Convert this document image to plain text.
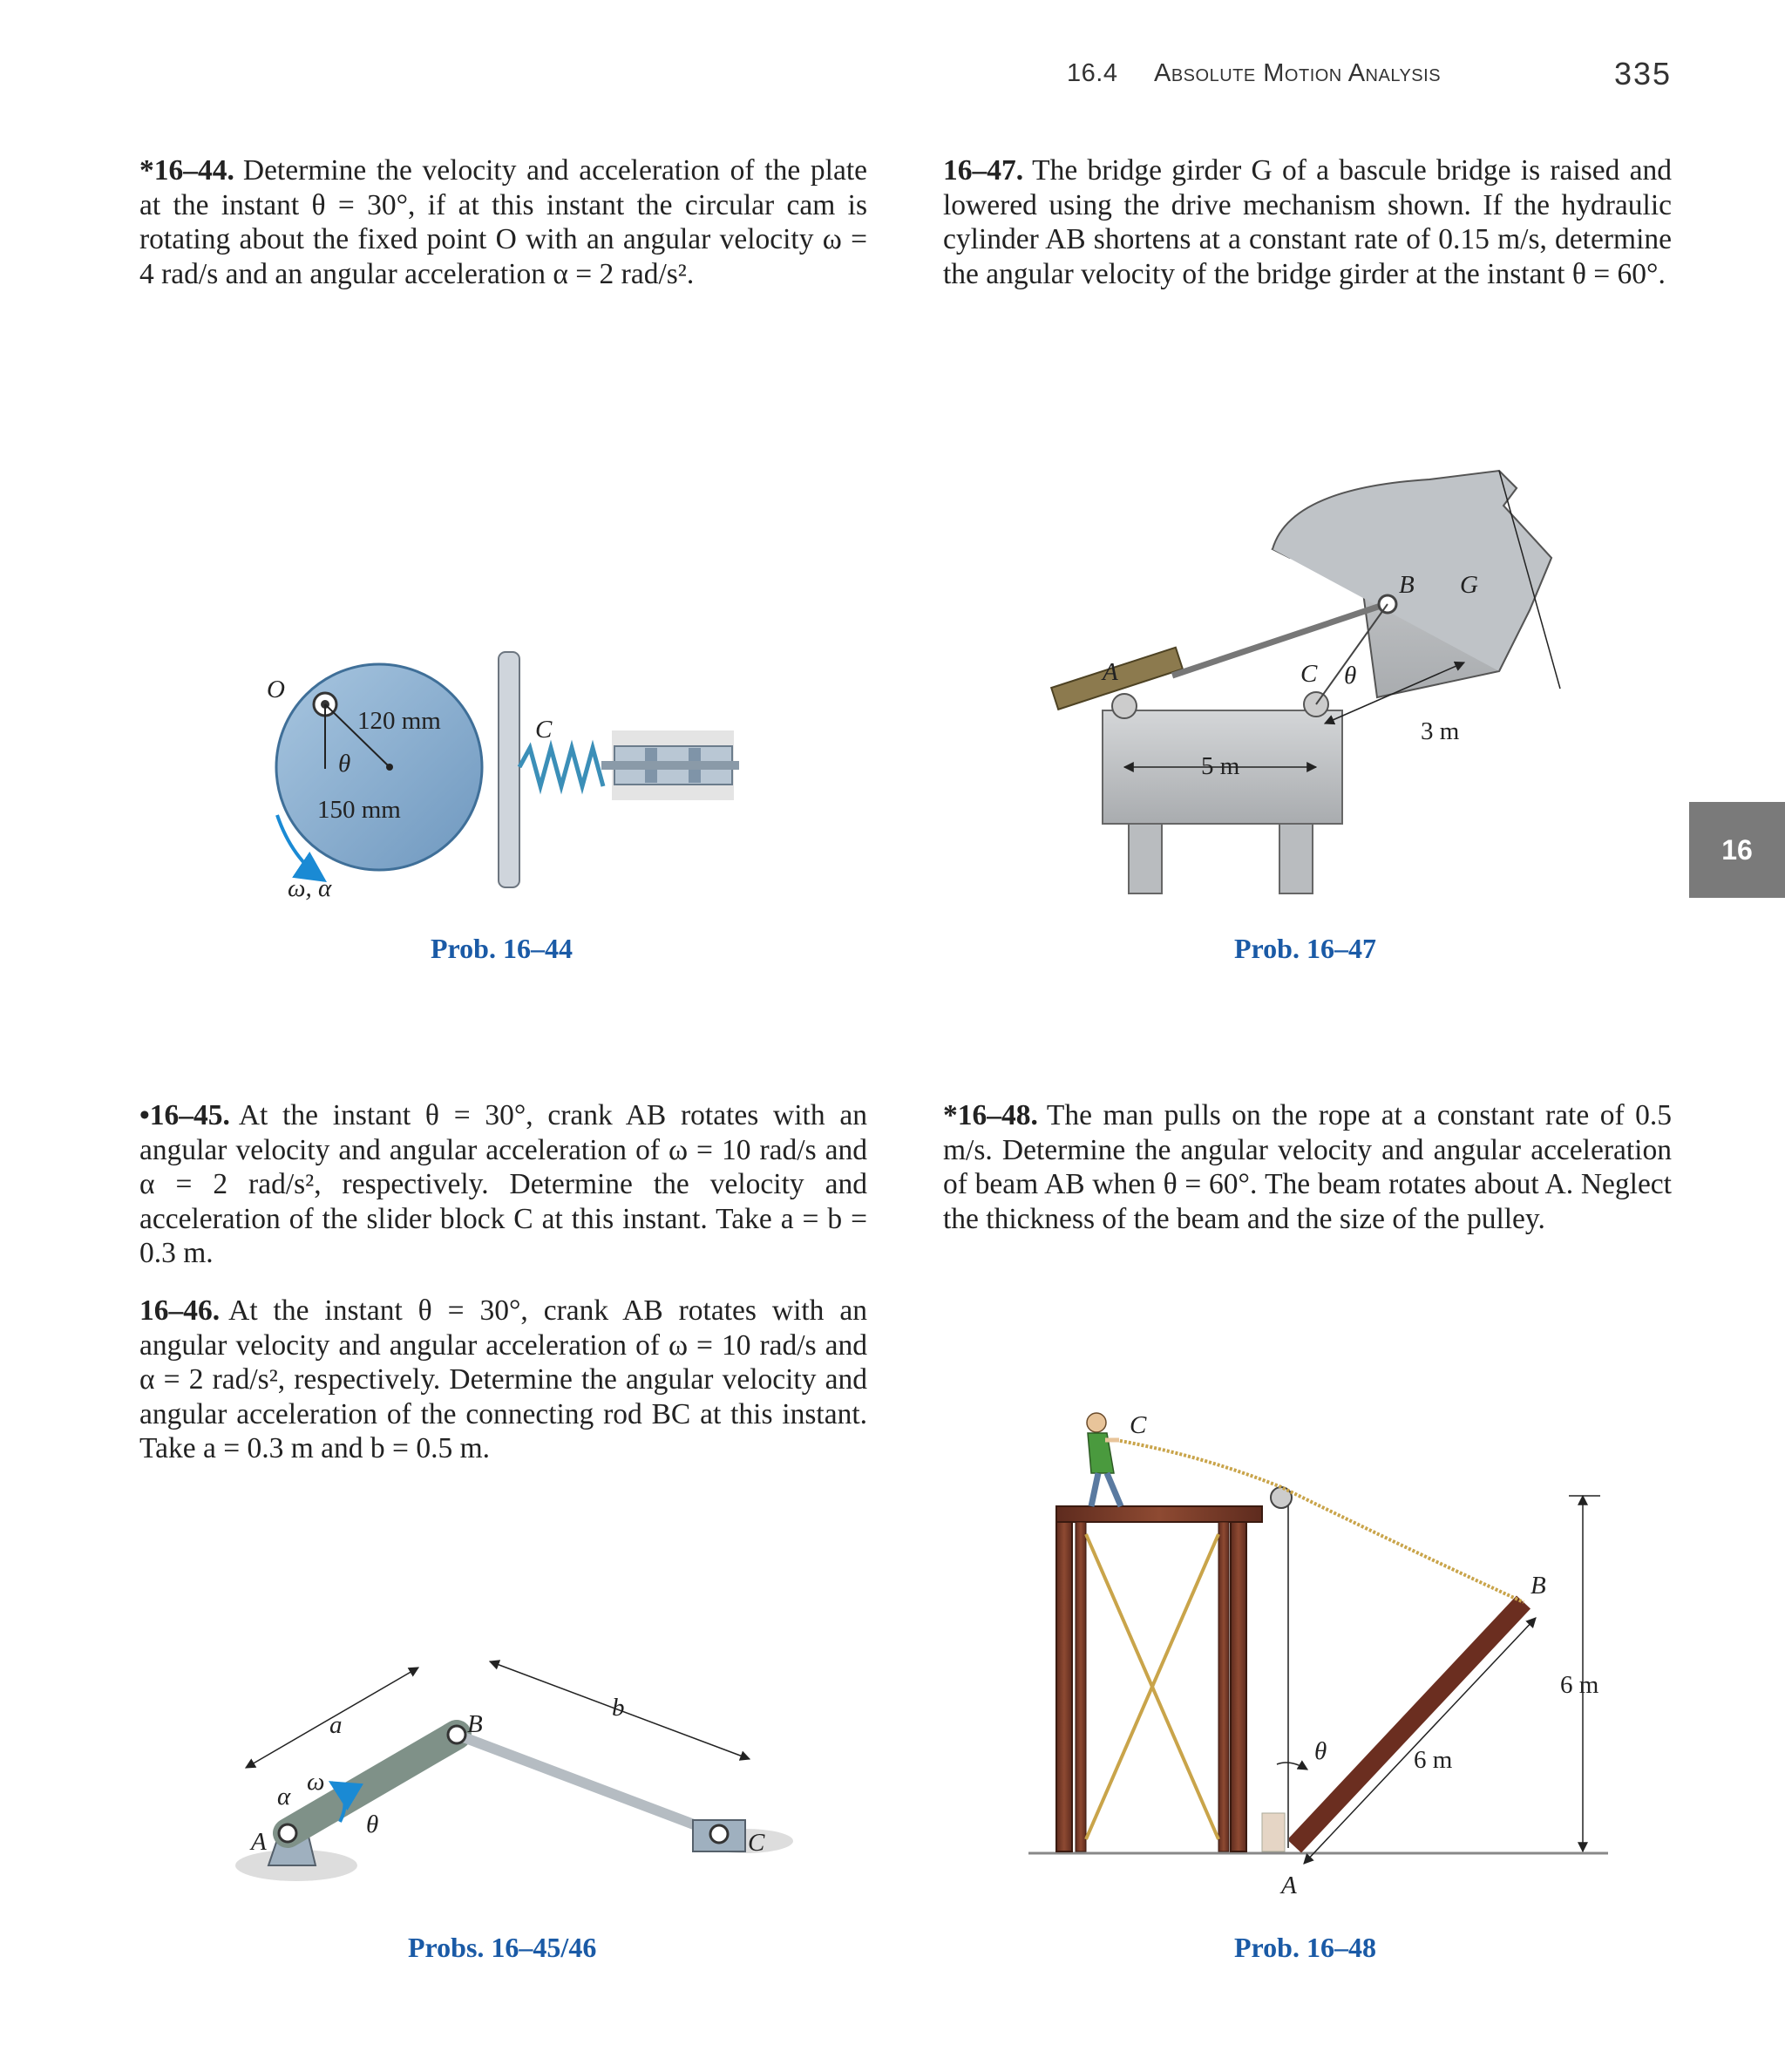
16.4 Absolute Motion Analysis	335
16
*16–44. Determine the velocity and acceleration of the plate at the instant θ = 30°, if at this instant the circular cam is rotating about the fixed point O with an angular velocity ω = 4 rad/s and an angular acceleration α = 2 rad/s².
16–47. The bridge girder G of a bascule bridge is raised and lowered using the drive mechanism shown. If the hydraulic cylinder AB shortens at a constant rate of 0.15 m/s, determine the angular velocity of the bridge girder at the instant θ = 60°.
•16–45. At the instant θ = 30°, crank AB rotates with an angular velocity and angular acceleration of ω = 10 rad/s and α = 2 rad/s², respectively. Determine the velocity and acceleration of the slider block C at this instant. Take a = b = 0.3 m.
16–46. At the instant θ = 30°, crank AB rotates with an angular velocity and angular acceleration of ω = 10 rad/s and α = 2 rad/s², respectively. Determine the angular velocity and angular acceleration of the connecting rod BC at this instant. Take a = 0.3 m and b = 0.5 m.
*16–48. The man pulls on the rope at a constant rate of 0.5 m/s. Determine the angular velocity and angular acceleration of beam AB when θ = 60°. The beam rotates about A. Neglect the thickness of the beam and the size of the pulley.
Prob. 16–44	Prob. 16–47
Probs. 16–45/46	Prob. 16–48
O
120 mm
θ
C
150 mm
ω, α
A
B G
C θ
5 m
3 m
A
B
C
a
b
α
ω
θ
C
B
A
θ	6 m
6 m
